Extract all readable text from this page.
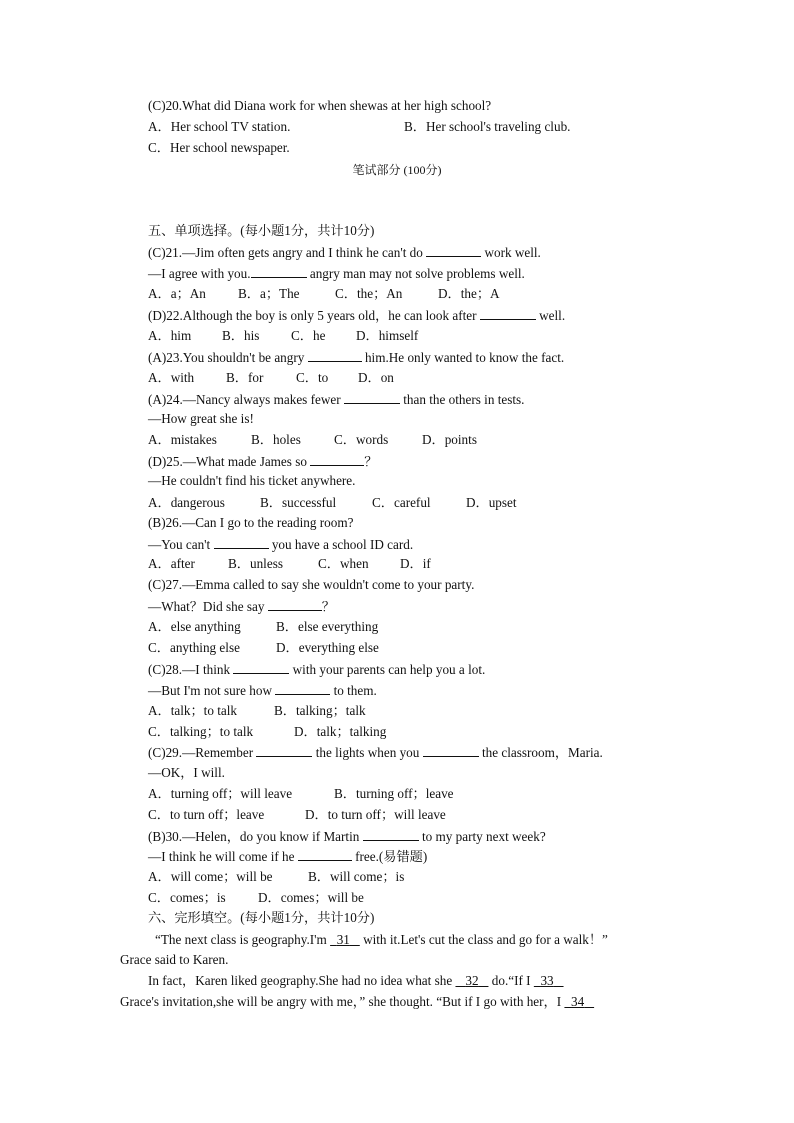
(C)20.What did Diana work for when shewas at her high school?
A．Her school TV station.	B．Her school's traveling club.
C．Her school newspaper.
笔试部分 (100分)
五、单项选择。(每小题1分，共计10分)
(C)21.—Jim often gets angry and I think he can't do	work well.
—I agree with you.	angry man may not solve problems well.
A．a；An B．a；The	C．the；An	D．the；A
(D)22.Although the boy is only 5 years old，he can look after	well.
A．him B．his C．he D．himself
(A)23.You shouldn't be angry	him.He only wanted to know the fact.
A．with B．for C．to D．on
(A)24.—Nancy always makes fewer	than the others in tests.
—How great she is!
A．mistakes	B．holes	C．words	D．points
(D)25.—What made James so	？
—He couldn't find his ticket anywhere.
A．dangerous	B．successful	C．careful	D．upset
(B)26.—Can I go to the reading room?
—You can't	you have a school ID card.
A．after	B．unless	C．when D．if
(C)27.—Emma called to say she wouldn't come to your party.
—What？Did she say	？
A．else anything	B．else everything
C．anything else	D．everything else
(C)28.—I think	with your parents can help you a lot.
—But I'm not sure how	to them.
A．talk；to talk	B．talking；talk
C．talking；to talk	D．talk；talking
(C)29.—Remember	the lights when you	the classroom，Maria.
—OK，I will.
A．turning off；will leave	B．turning off；leave
C．to turn off；leave	D．to turn off；will leave
(B)30.—Helen，do you know if Martin	to my party next week?
—I think he will come if he	free.(易错题)
A．will come；will be	B．will come；is
C．comes；is D．comes；will be
六、完形填空。(每小题1分，共计10分)
“The next class is geography.I'm 31 with it.Let's cut the class and go for a walk！”
Grace said to Karen.
In fact，Karen liked geography.She had no idea what she 32 do.“If I 33
Grace's invitation,she will be angry with me，” she thought. “But if I go with her，I 34
